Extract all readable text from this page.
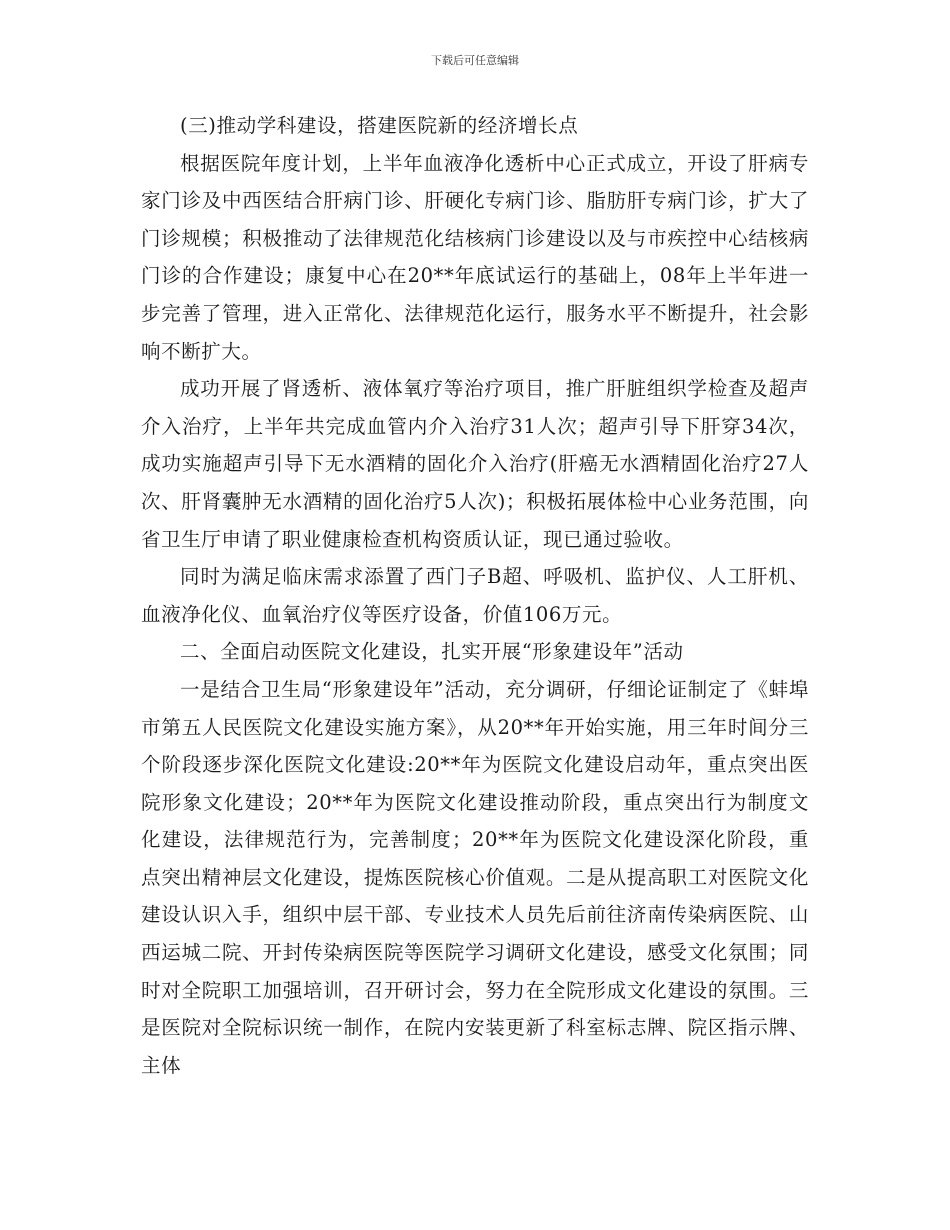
下载后可任意编辑

(三)推动学科建设，搭建医院新的经济增长点

根据医院年度计划，上半年血液净化透析中心正式成立，开设了肝病专家门诊及中西医结合肝病门诊、肝硬化专病门诊、脂肪肝专病门诊，扩大了门诊规模；积极推动了法律规范化结核病门诊建设以及与市疾控中心结核病门诊的合作建设；康复中心在20**年底试运行的基础上，08年上半年进一步完善了管理，进入正常化、法律规范化运行，服务水平不断提升，社会影响不断扩大。

成功开展了肾透析、液体氧疗等治疗项目，推广肝脏组织学检查及超声介入治疗，上半年共完成血管内介入治疗31人次；超声引导下肝穿34次，成功实施超声引导下无水酒精的固化介入治疗(肝癌无水酒精固化治疗27人次、肝肾囊肿无水酒精的固化治疗5人次)；积极拓展体检中心业务范围，向省卫生厅申请了职业健康检查机构资质认证，现已通过验收。

同时为满足临床需求添置了西门子B超、呼吸机、监护仪、人工肝机、血液净化仪、血氧治疗仪等医疗设备，价值106万元。

二、全面启动医院文化建设，扎实开展“形象建设年”活动

一是结合卫生局“形象建设年”活动，充分调研，仔细论证制定了《蚌埠市第五人民医院文化建设实施方案》，从20**年开始实施，用三年时间分三个阶段逐步深化医院文化建设:20**年为医院文化建设启动年，重点突出医院形象文化建设；20**年为医院文化建设推动阶段，重点突出行为制度文化建设，法律规范行为，完善制度；20**年为医院文化建设深化阶段，重点突出精神层文化建设，提炼医院核心价值观。二是从提高职工对医院文化建设认识入手，组织中层干部、专业技术人员先后前往济南传染病医院、山西运城二院、开封传染病医院等医院学习调研文化建设，感受文化氛围；同时对全院职工加强培训，召开研讨会，努力在全院形成文化建设的氛围。三是医院对全院标识统一制作，在院内安装更新了科室标志牌、院区指示牌、主体
